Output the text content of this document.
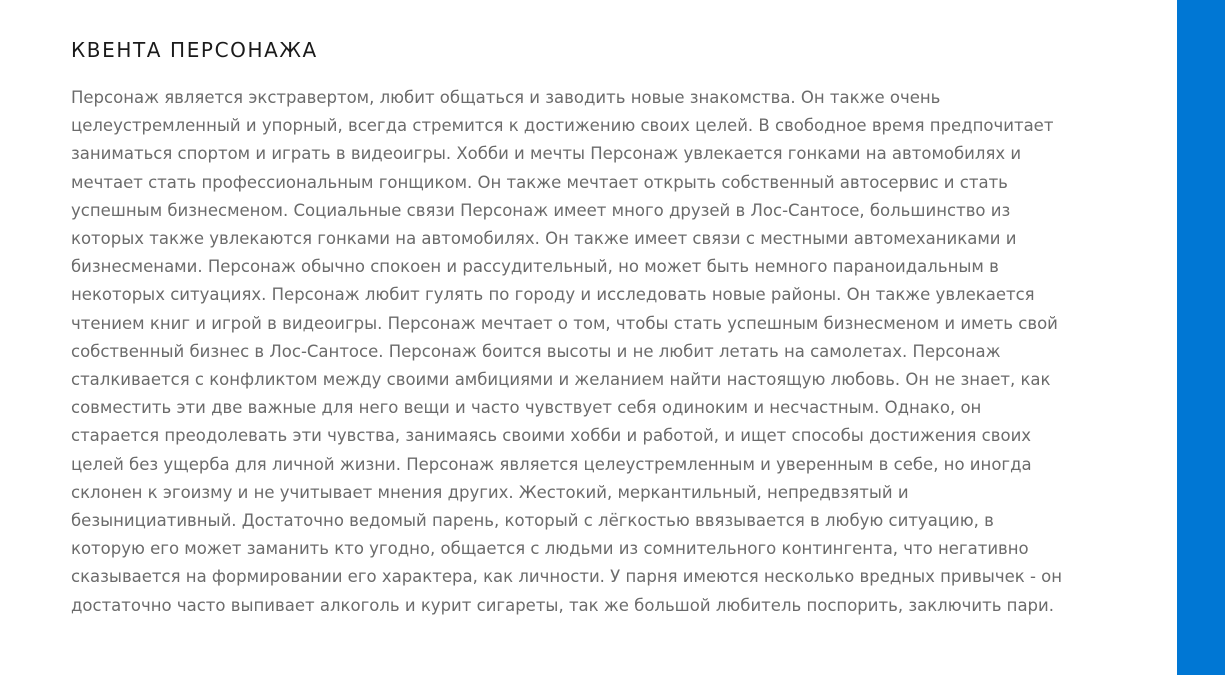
КВЕНТА ПЕРСОНАЖА

Персонаж является экстравертом, любит общаться и заводить новые знакомства. Он также очень целеустремленный и упорный, всегда стремится к достижению своих целей. В свободное время предпочитает заниматься спортом и играть в видеоигры. Хобби и мечты Персонаж увлекается гонками на автомобилях и мечтает стать профессиональным гонщиком. Он также мечтает открыть собственный автосервис и стать успешным бизнесменом. Социальные связи Персонаж имеет много друзей в Лос-Сантосе, большинство из которых также увлекаются гонками на автомобилях. Он также имеет связи с местными автомеханиками и бизнесменами. Персонаж обычно спокоен и рассудительный, но может быть немного параноидальным в некоторых ситуациях. Персонаж любит гулять по городу и исследовать новые районы. Он также увлекается чтением книг и игрой в видеоигры. Персонаж мечтает о том, чтобы стать успешным бизнесменом и иметь свой собственный бизнес в Лос-Сантосе. Персонаж боится высоты и не любит летать на самолетах. Персонаж сталкивается с конфликтом между своими амбициями и желанием найти настоящую любовь. Он не знает, как совместить эти две важные для него вещи и часто чувствует себя одиноким и несчастным. Однако, он старается преодолевать эти чувства, занимаясь своими хобби и работой, и ищет способы достижения своих целей без ущерба для личной жизни. Персонаж является целеустремленным и уверенным в себе, но иногда склонен к эгоизму и не учитывает мнения других. Жестокий, меркантильный, непредвзятый и безынициативный. Достаточно ведомый парень, который с лёгкостью ввязывается в любую ситуацию, в которую его может заманить кто угодно, общается с людьми из сомнительного контингента, что негативно сказывается на формировании его характера, как личности. У парня имеются несколько вредных привычек - он достаточно часто выпивает алкоголь и курит сигареты, так же большой любитель поспорить, заключить пари.
